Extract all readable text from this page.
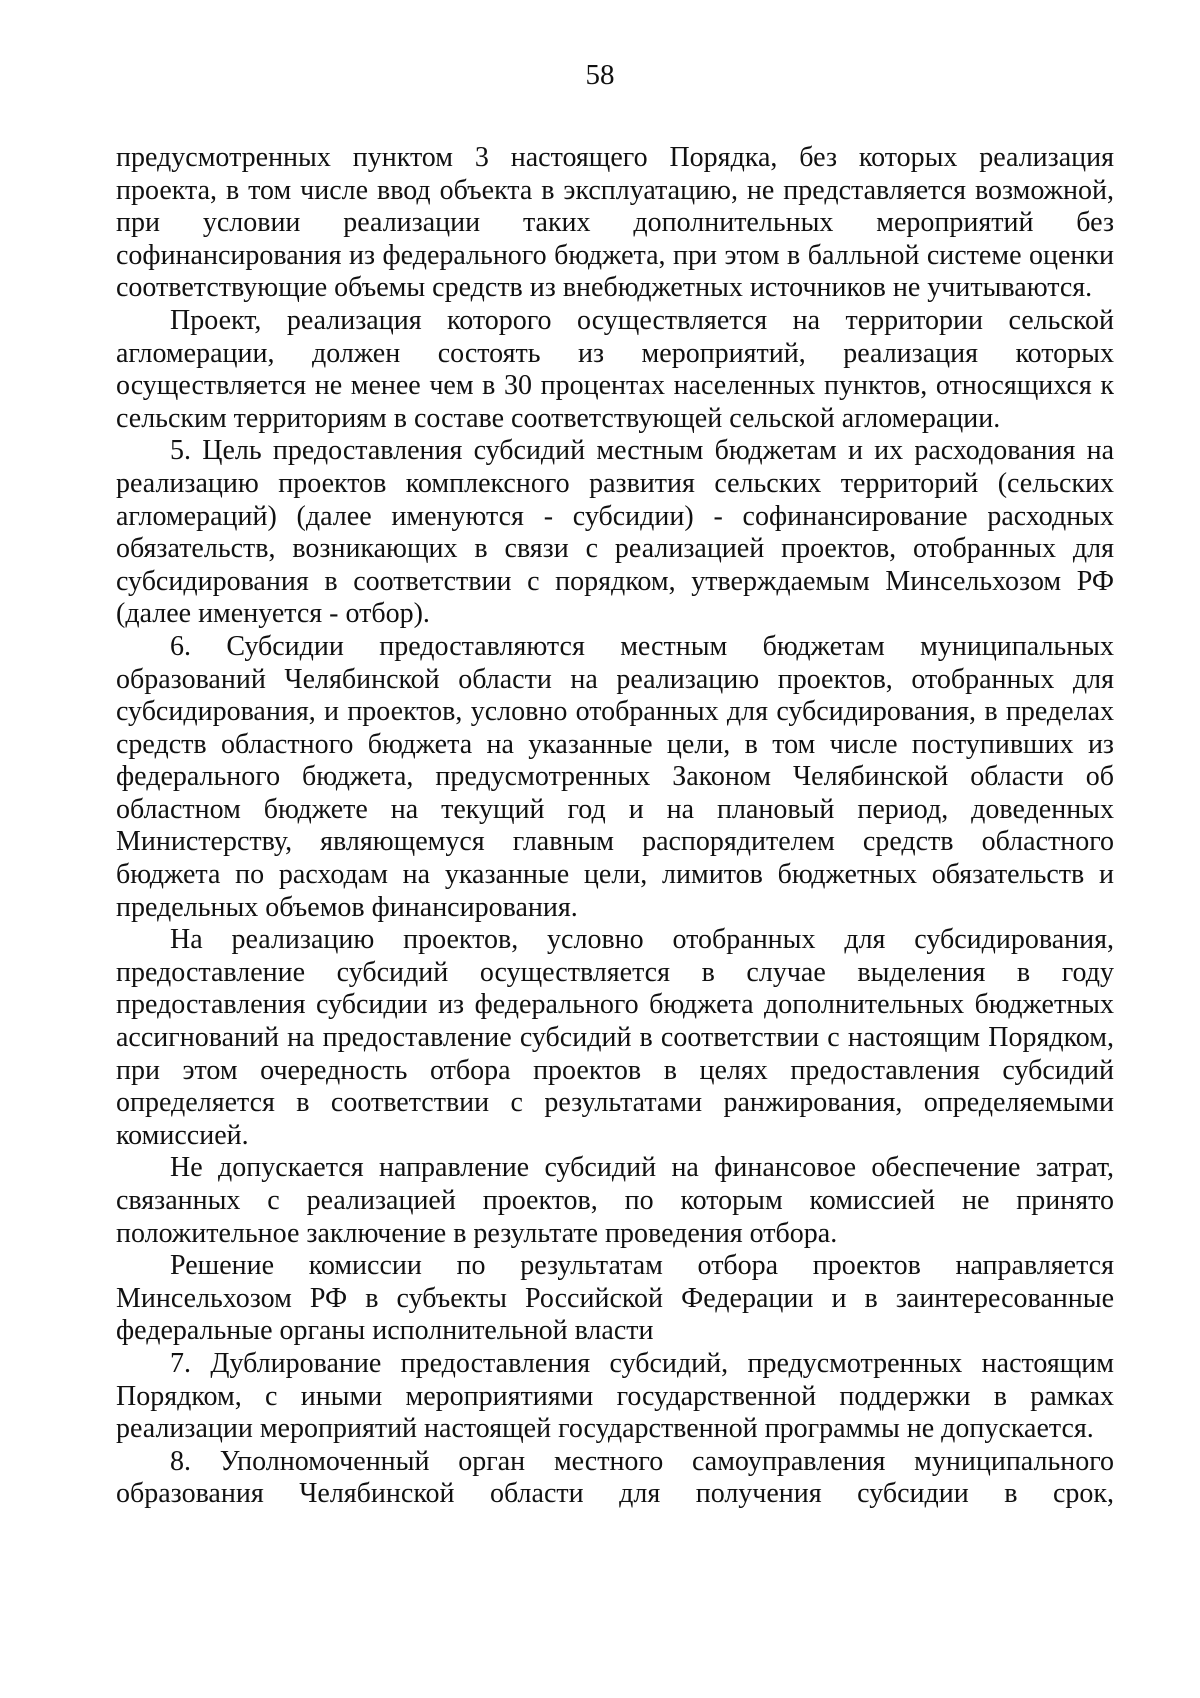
58

предусмотренных пунктом 3 настоящего Порядка, без которых реализация проекта, в том числе ввод объекта в эксплуатацию, не представляется возможной, при условии реализации таких дополнительных мероприятий без софинансирования из федерального бюджета, при этом в балльной системе оценки соответствующие объемы средств из внебюджетных источников не учитываются.

Проект, реализация которого осуществляется на территории сельской агломерации, должен состоять из мероприятий, реализация которых осуществляется не менее чем в 30 процентах населенных пунктов, относящихся к сельским территориям в составе соответствующей сельской агломерации.

5. Цель предоставления субсидий местным бюджетам и их расходования на реализацию проектов комплексного развития сельских территорий (сельских агломераций) (далее именуются - субсидии) - софинансирование расходных обязательств, возникающих в связи с реализацией проектов, отобранных для субсидирования в соответствии с порядком, утверждаемым Минсельхозом РФ (далее именуется - отбор).

6. Субсидии предоставляются местным бюджетам муниципальных образований Челябинской области на реализацию проектов, отобранных для субсидирования, и проектов, условно отобранных для субсидирования, в пределах средств областного бюджета на указанные цели, в том числе поступивших из федерального бюджета, предусмотренных Законом Челябинской области об областном бюджете на текущий год и на плановый период, доведенных Министерству, являющемуся главным распорядителем средств областного бюджета по расходам на указанные цели, лимитов бюджетных обязательств и предельных объемов финансирования.

На реализацию проектов, условно отобранных для субсидирования, предоставление субсидий осуществляется в случае выделения в году предоставления субсидии из федерального бюджета дополнительных бюджетных ассигнований на предоставление субсидий в соответствии с настоящим Порядком, при этом очередность отбора проектов в целях предоставления субсидий определяется в соответствии с результатами ранжирования, определяемыми комиссией.

Не допускается направление субсидий на финансовое обеспечение затрат, связанных с реализацией проектов, по которым комиссией не принято положительное заключение в результате проведения отбора.

Решение комиссии по результатам отбора проектов направляется Минсельхозом РФ в субъекты Российской Федерации и в заинтересованные федеральные органы исполнительной власти

7. Дублирование предоставления субсидий, предусмотренных настоящим Порядком, с иными мероприятиями государственной поддержки в рамках реализации мероприятий настоящей государственной программы не допускается.

8. Уполномоченный орган местного самоуправления муниципального образования Челябинской области для получения субсидии в срок,
